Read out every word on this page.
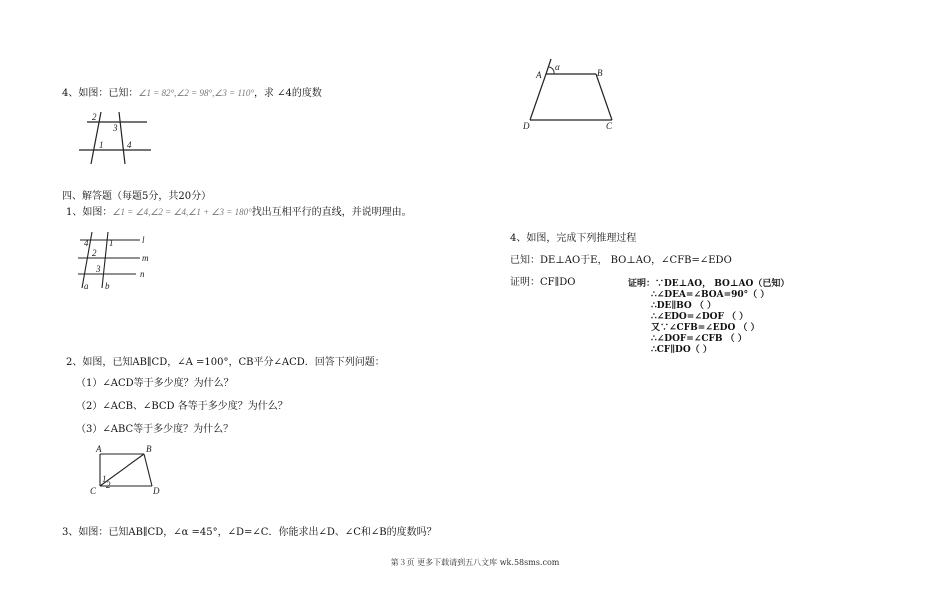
4、如图：已知：∠1 = 82°,∠2 = 98°,∠3 = 110°，求 ∠4的度数
2
3
1	4
四、解答题（每题5分，共20分）
1、如图：∠1 = ∠4,∠2 = ∠4,∠1 + ∠3 = 180°找出互相平行的直线，并说明理由。
4 1	l
2	m
3	n
a b
2、如图，已知AB∥CD，∠A =100°，CB平分∠ACD．回答下列问题：
（1）∠ACD等于多少度？为什么？
（2）∠ACB、∠BCD 各等于多少度？为什么？
（3）∠ABC等于多少度？为什么？
A	B
C	D
1
2
3、如图：已知AB∥CD，∠α =45°，∠D=∠C．你能求出∠D、∠C和∠B的度数吗？
A
α
B
D	C
4、如图，完成下列推理过程
已知：DE⊥AO于E， BO⊥AO，∠CFB=∠EDO
证明：CF∥DO	证明：∵DE⊥AO， BO⊥AO（已知）
∴∠DEA=∠BOA=90°（ ）
∴DE∥BO （ ）
∴∠EDO=∠DOF （ ）
又∵∠CFB=∠EDO （ ）
∴∠DOF=∠CFB （ ）
∴CF∥DO（ ）
第３页 更多下载请到五八文库 wk.58sms.com
